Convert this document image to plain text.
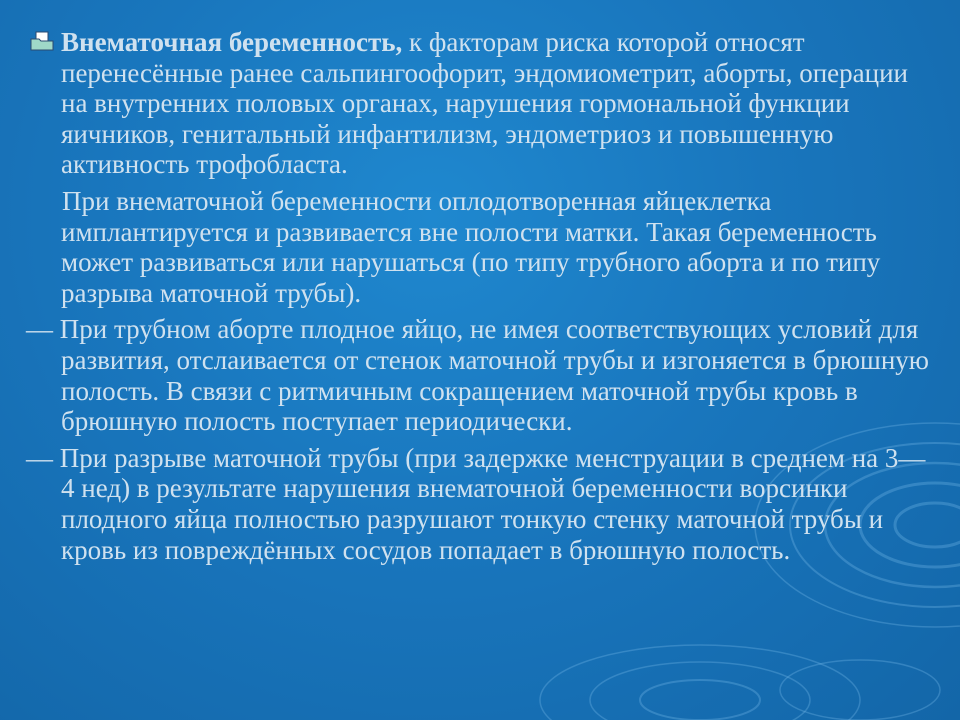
Внематочная беременность, к факторам риска которой относят перенесённые ранее сальпингоофорит, эндомиометрит, аборты, операции на внутренних половых органах, нарушения гормональной функции яичников, генитальный инфантилизм, эндометриоз и повышенную активность трофобласта.

При внематочной беременности оплодотворенная яйцеклетка имплантируется и развивается вне полости матки. Такая беременность может развиваться или нарушаться (по типу трубного аборта и по типу разрыва маточной трубы).

— При трубном аборте плодное яйцо, не имея соответствующих условий для развития, отслаивается от стенок маточной трубы и изгоняется в брюшную полость. В связи с ритмичным сокращением маточной трубы кровь в брюшную полость поступает периодически.

— При разрыве маточной трубы (при задержке менструации в среднем на 3—4 нед) в результате нарушения внематочной беременности ворсинки плодного яйца полностью разрушают тонкую стенку маточной трубы и кровь из повреждённых сосудов попадает в брюшную полость.
